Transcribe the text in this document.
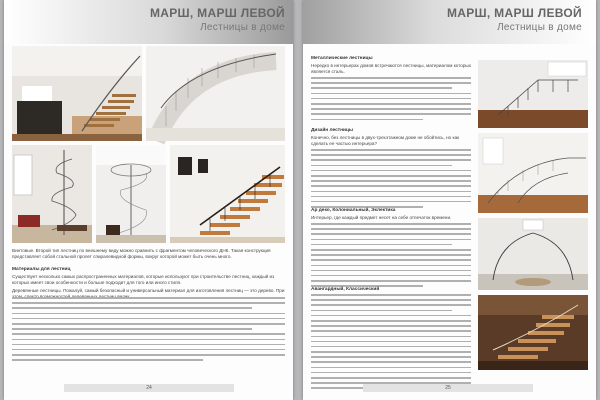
Винтовые. Второй тип лестниц по внешнему виду можно сравнить с фрагментом человеческого ДНК. Такая конструкция представляет собой стальной пролет спиралевидной формы, вокруг которой может быть очень много.
Материалы для лестниц
Существует несколько самых распространенных материалов, которые используют при строительстве лестниц, каждый из которых имеет свои особенности и больше подходит для того или иного стиля.
Деревянные лестницы. Пожалуй, самый безопасный и универсальный материал для изготовления лестниц — это дерево. При
24
МАРШ, МАРШ ЛЕВОЙ
Лестницы в доме
Металлические лестницы
Нередко в интерьерах домов встречаются лестницы, материалом которых является сталь.
Дизайн лестницы
Конечно, без лестницы в двух-трехэтажном доме не обойтись, но как сделать ее частью интерьера?
Ар деко, Колониальный, Эклектика
Интерьер, где каждый предмет несет на себе отпечаток времени.
Авангардный, Классический
25
МАРШ, МАРШ ЛЕВОЙ
Лестницы в доме
